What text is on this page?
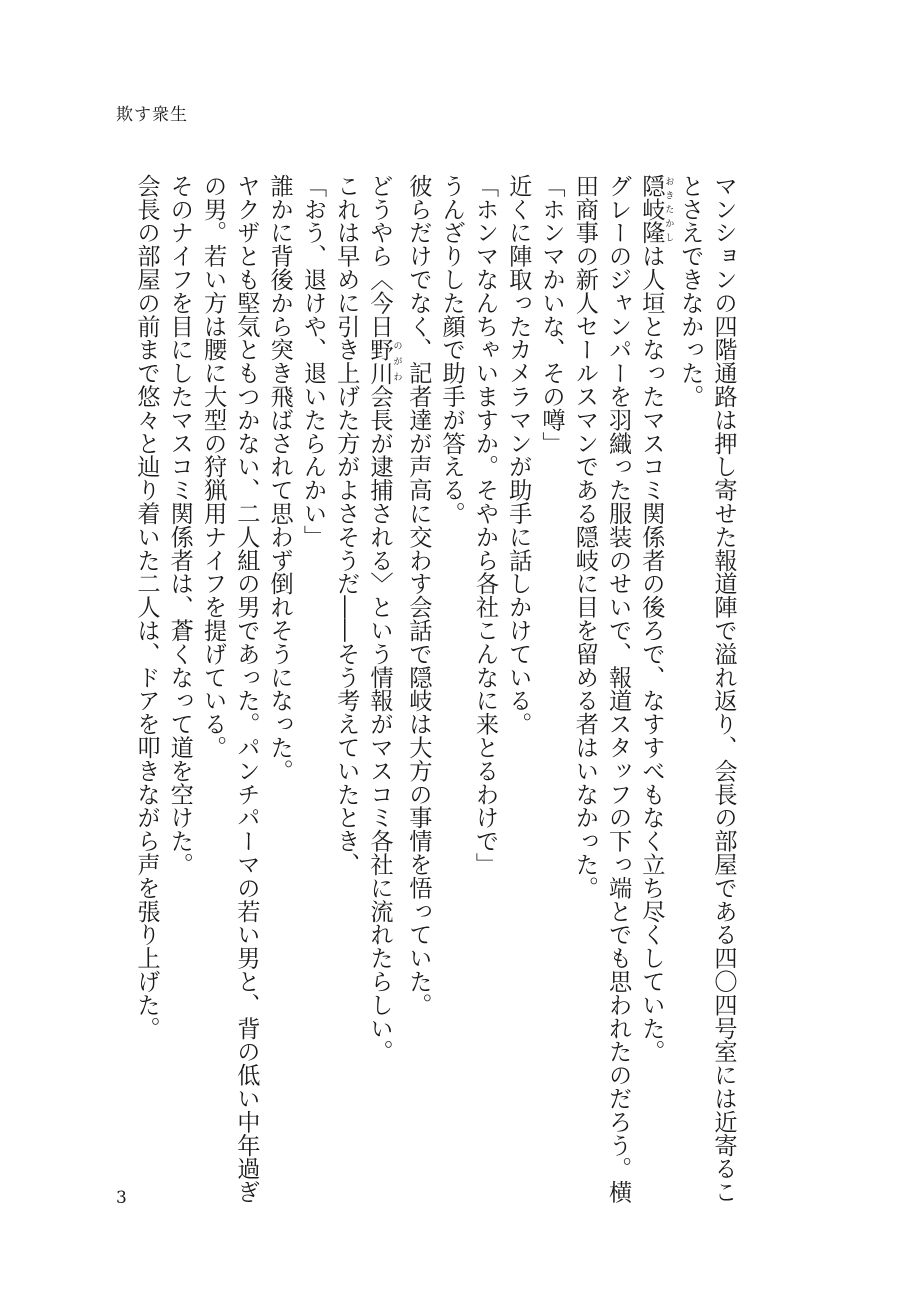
欺す衆生
マンションの四階通路は押し寄せた報道陣で溢れ返り、会長の部屋である四〇四号室には近寄るこ
とさえできなかった。
隠岐隆おきたかしは人垣となったマスコミ関係者の後ろで、なすすべもなく立ち尽くしていた。
グレーのジャンパーを羽織った服装のせいで、報道スタッフの下っ端とでも思われたのだろう。横
田商事の新人セールスマンである隠岐に目を留める者はいなかった。
「ホンマかいな、その噂」
近くに陣取ったカメラマンが助手に話しかけている。
「ホンマなんちゃいますか。そやから各社こんなに来とるわけで」
うんざりした顔で助手が答える。
彼らだけでなく、記者達が声高に交わす会話で隠岐は大方の事情を悟っていた。
どうやら〈今日野川のがわ会長が逮捕される〉という情報がマスコミ各社に流れたらしい。
これは早めに引き上げた方がよさそうだ――そう考えていたとき、
「おう、退けや、退いたらんかい」
誰かに背後から突き飛ばされて思わず倒れそうになった。
ヤクザとも堅気ともつかない、二人組の男であった。パンチパーマの若い男と、背の低い中年過ぎ
の男。若い方は腰に大型の狩猟用ナイフを提げている。
そのナイフを目にしたマスコミ関係者は、蒼くなって道を空けた。
会長の部屋の前まで悠々と辿り着いた二人は、ドアを叩きながら声を張り上げた。
3
